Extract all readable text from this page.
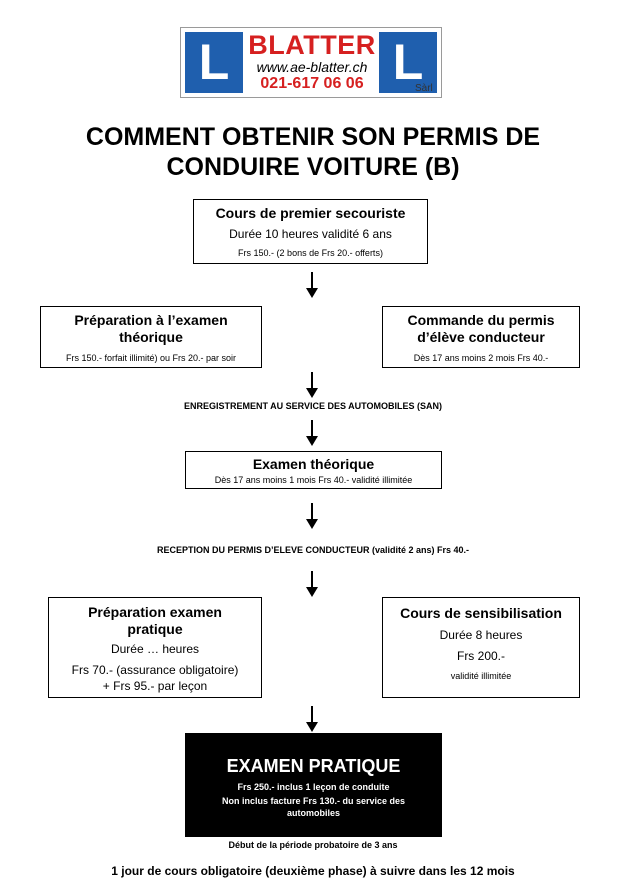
L BLATTER
www.ae-blatter.ch
021-617 06 06 L
Sàrl
COMMENT OBTENIR SON PERMIS DE CONDUIRE VOITURE (B)
Cours de premier secouriste
Durée 10 heures validité 6 ans
Frs 150.- (2 bons de Frs 20.- offerts)
Préparation à l’examen théorique
Frs 150.- forfait illimité) ou Frs 20.- par soir
Commande du permis d’élève conducteur
Dès 17 ans moins 2 mois Frs 40.-
ENREGISTREMENT AU SERVICE DES AUTOMOBILES (SAN)
Examen théorique
Dès 17 ans moins 1 mois Frs 40.- validité illimitée
RECEPTION DU PERMIS D’ELEVE CONDUCTEUR (validité 2 ans) Frs 40.-
Préparation examen pratique
Durée … heures
Frs 70.- (assurance obligatoire)
+ Frs 95.- par leçon
Cours de sensibilisation
Durée 8 heures
Frs 200.-
validité illimitée
EXAMEN PRATIQUE
Frs 250.- inclus 1 leçon de conduite
Non inclus facture Frs 130.- du service des automobiles
Début de la période probatoire de 3 ans
1 jour de cours obligatoire (deuxième phase) à suivre dans les 12 mois
